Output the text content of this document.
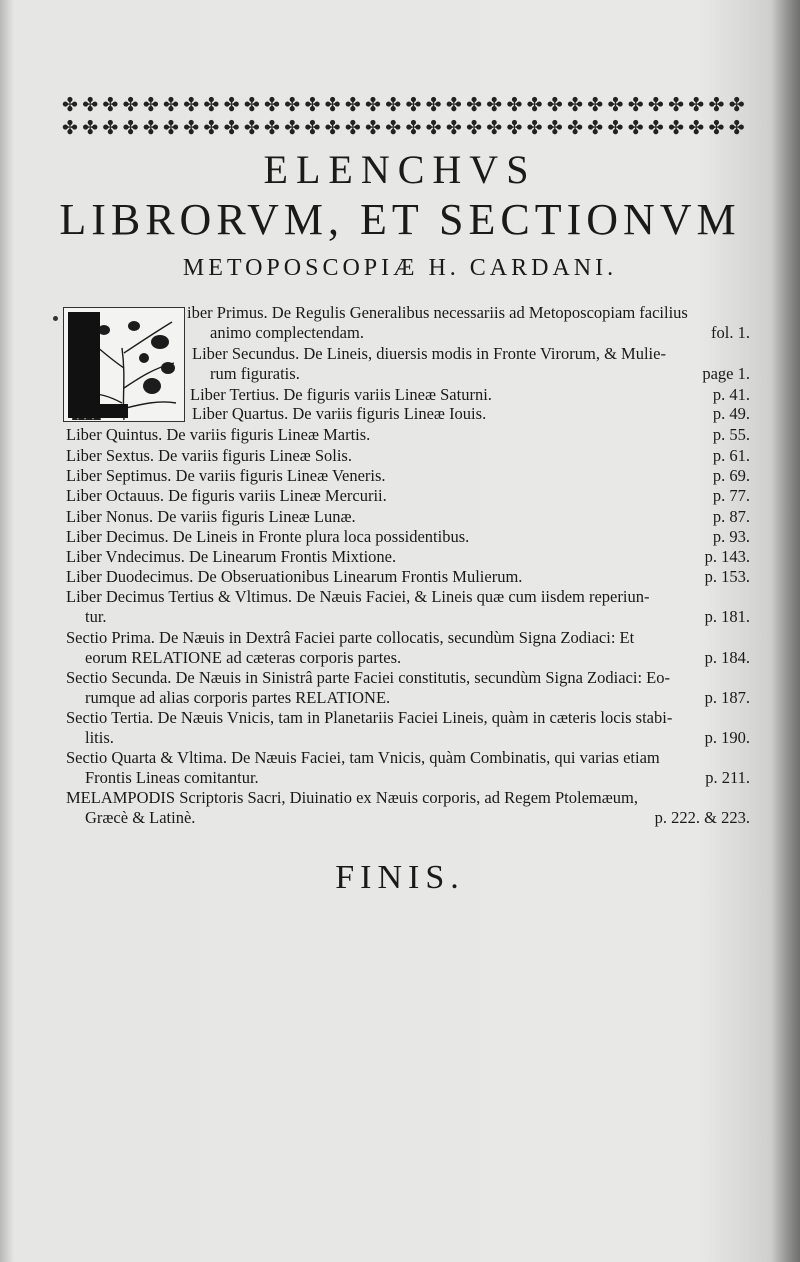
✤ ✤ ✤ ✤ ✤ ✤ ✤ ✤ ✤ ✤ ✤ ✤ ✤ ✤ ✤ ✤ ✤ ✤ ✤ ✤ ✤ ✤ ✤ ✤ ✤ ✤ ✤ ✤ ✤ ✤ ✤ ✤ ✤ ✤
✤ ✤ ✤ ✤ ✤ ✤ ✤ ✤ ✤ ✤ ✤ ✤ ✤ ✤ ✤ ✤ ✤ ✤ ✤ ✤ ✤ ✤ ✤ ✤ ✤ ✤ ✤ ✤ ✤ ✤ ✤ ✤ ✤ ✤
ELENCHVS
LIBRORVM, ET SECTIONVM
METOPOSCOPIÆ H. CARDANI.
iber Primus. De Regulis Generalibus necessariis ad Metoposcopiam facilius
animo complectendam.	fol. 1.
Liber Secundus. De Lineis, diuersis modis in Fronte Virorum, & Mulie-
rum figuratis.	page 1.
Liber Tertius. De figuris variis Lineæ Saturni.	p. 41.
Liber Quartus. De variis figuris Lineæ Iouis.	p. 49.
Liber Quintus. De variis figuris Lineæ Martis.	p. 55.
Liber Sextus. De variis figuris Lineæ Solis.	p. 61.
Liber Septimus. De variis figuris Lineæ Veneris.	p. 69.
Liber Octauus. De figuris variis Lineæ Mercurii.	p. 77.
Liber Nonus. De variis figuris Lineæ Lunæ.	p. 87.
Liber Decimus. De Lineis in Fronte plura loca possidentibus.	p. 93.
Liber Vndecimus. De Linearum Frontis Mixtione.	p. 143.
Liber Duodecimus. De Obseruationibus Linearum Frontis Mulierum.	p. 153.
Liber Decimus Tertius & Vltimus. De Næuis Faciei, & Lineis quæ cum iisdem reperiun-
tur.	p. 181.
Sectio Prima. De Næuis in Dextrâ Faciei parte collocatis, secundùm Signa Zodiaci: Et
eorum RELATIONE ad cæteras corporis partes.	p. 184.
Sectio Secunda. De Næuis in Sinistrâ parte Faciei constitutis, secundùm Signa Zodiaci: Eo-
rumque ad alias corporis partes RELATIONE.	p. 187.
Sectio Tertia. De Næuis Vnicis, tam in Planetariis Faciei Lineis, quàm in cæteris locis stabi-
litis.	p. 190.
Sectio Quarta & Vltima. De Næuis Faciei, tam Vnicis, quàm Combinatis, qui varias etiam
Frontis Lineas comitantur.	p. 211.
MELAMPODIS Scriptoris Sacri, Diuinatio ex Næuis corporis, ad Regem Ptolemæum,
Græcè & Latinè.	p. 222. & 223.
FINIS.
